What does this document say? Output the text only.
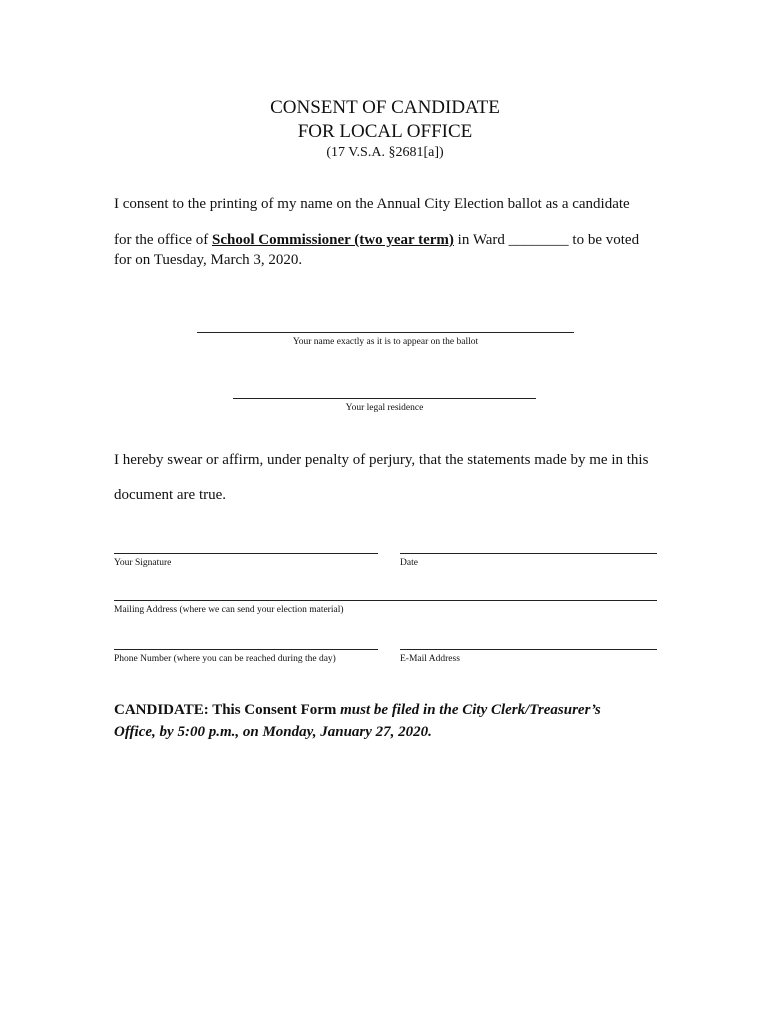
CONSENT OF CANDIDATE
FOR LOCAL OFFICE
(17 V.S.A. §2681[a])
I consent to the printing of my name on the Annual City Election ballot as a candidate
for the office of School Commissioner (two year term) in Ward ________ to be voted
for on Tuesday, March 3, 2020.
Your name exactly as it is to appear on the ballot
Your legal residence
I hereby swear or affirm, under penalty of perjury, that the statements made by me in this
document are true.
Your Signature	Date
Mailing Address (where we can send your election material)
Phone Number (where you can be reached during the day)	E-Mail Address
CANDIDATE: This Consent Form must be filed in the City Clerk/Treasurer’s
Office, by 5:00 p.m., on Monday, January 27, 2020.
